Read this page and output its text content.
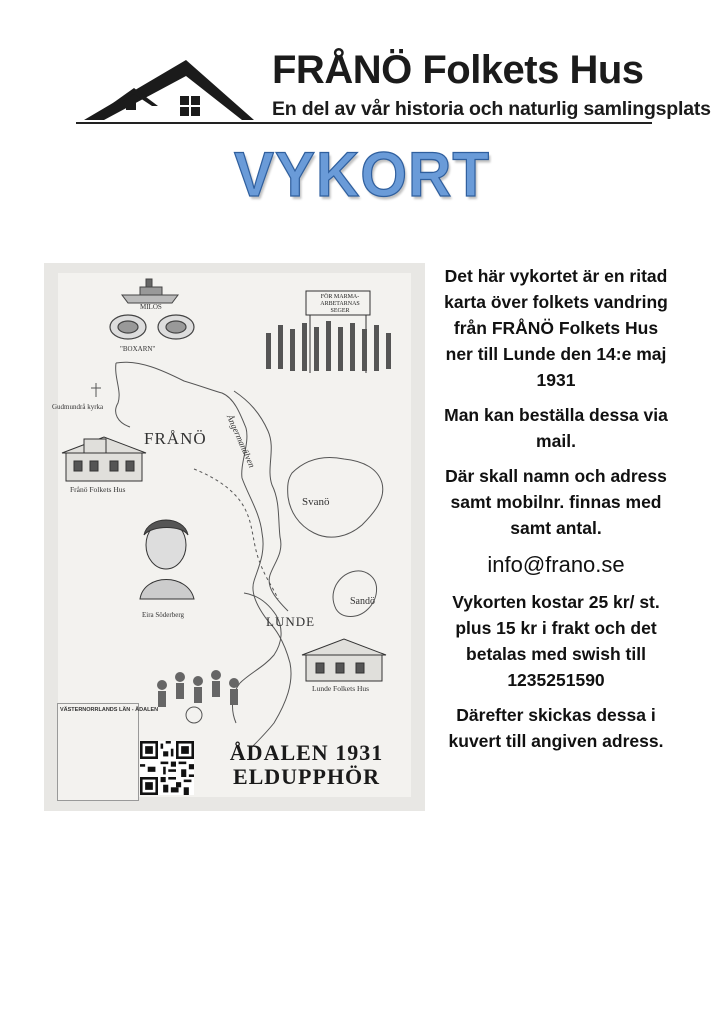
FRÅNÖ Folkets Hus
En del av vår historia och naturlig samlingsplats
VYKORT
VÄSTERNORRLANDS LÄN - ÅDALEN
FRÅNÖ
Svanö
Sandö
LUNDE
Frånö Folkets Hus
Lunde Folkets Hus
Eira Söderberg
Gudmundrå kyrka
MILOS
"BOXARN"
FÖR MARMA-ARBETARNAS SEGER
Ångermanälven
ÅDALEN 1931
ELDUPPHÖR

Det här vykortet är en ritad karta över folkets vandring från FRÅNÖ Folkets Hus ner till Lunde den 14:e maj 1931

Man kan beställa dessa via mail.

Där skall namn och adress samt mobilnr. finnas med samt antal.

info@frano.se

Vykorten kostar 25 kr/ st. plus 15 kr i frakt och det betalas med swish till 1235251590

Därefter skickas dessa i kuvert till angiven adress.
